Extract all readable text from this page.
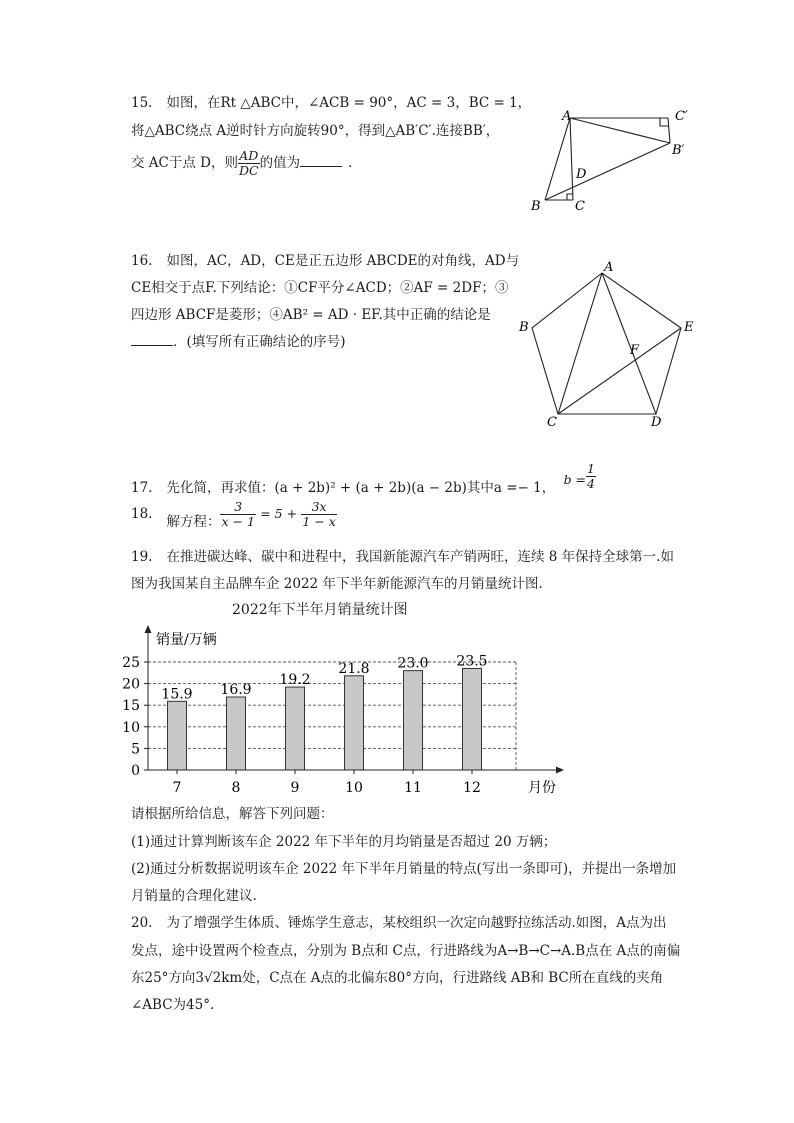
15. 如图，在Rt △ABC中，∠ACB = 90°，AC = 3，BC = 1，
将△ABC绕点 A逆时针方向旋转90°，得到△AB′C′.连接BB′，
交 AC于点 D，则 $\frac{AD}{DC}$ 的值为	．
A	C′
B′
D
B	C
16. 如图，AC，AD，CE是正五边形 ABCDE的对角线，AD与
CE相交于点F.下列结论：①CF平分∠ACD；②AF = 2DF；③
四边形 ABCF是菱形；④AB² = AD · EF.其中正确的结论是
．(填写所有正确结论的序号)
A
B
C	D
E
F
17. 先化简，再求值：(a + 2b)² + (a + 2b)(a − 2b)其中a =− 1， $b = \frac{1}{4}$
18. 解方程： $\frac{3}{x - 1} = 5 + \frac{3x}{1 - x}$
19. 在推进碳达峰、碳中和进程中，我国新能源汽车产销两旺，连续 8 年保持全球第一.如
图为我国某自主品牌车企 2022 年下半年新能源汽车的月销量统计图.
2022年下半年月销量统计图
15.9 16.9
19.2
21.8 23.0 23.5
销量/万辆
月份
0
5
10
15
20
25
7	8	9	10	11	12
请根据所给信息，解答下列问题：
(1)通过计算判断该车企 2022 年下半年的月均销量是否超过 20 万辆；
(2)通过分析数据说明该车企 2022 年下半年月销量的特点(写出一条即可)，并提出一条增加
月销量的合理化建议.
20. 为了增强学生体质、锤炼学生意志，某校组织一次定向越野拉练活动.如图，A点为出
发点，途中设置两个检查点，分别为 B点和 C点，行进路线为A→B→C→A.B点在 A点的南偏
东25°方向3√2km处，C点在 A点的北偏东80°方向，行进路线 AB和 BC所在直线的夹角
∠ABC为45°.
